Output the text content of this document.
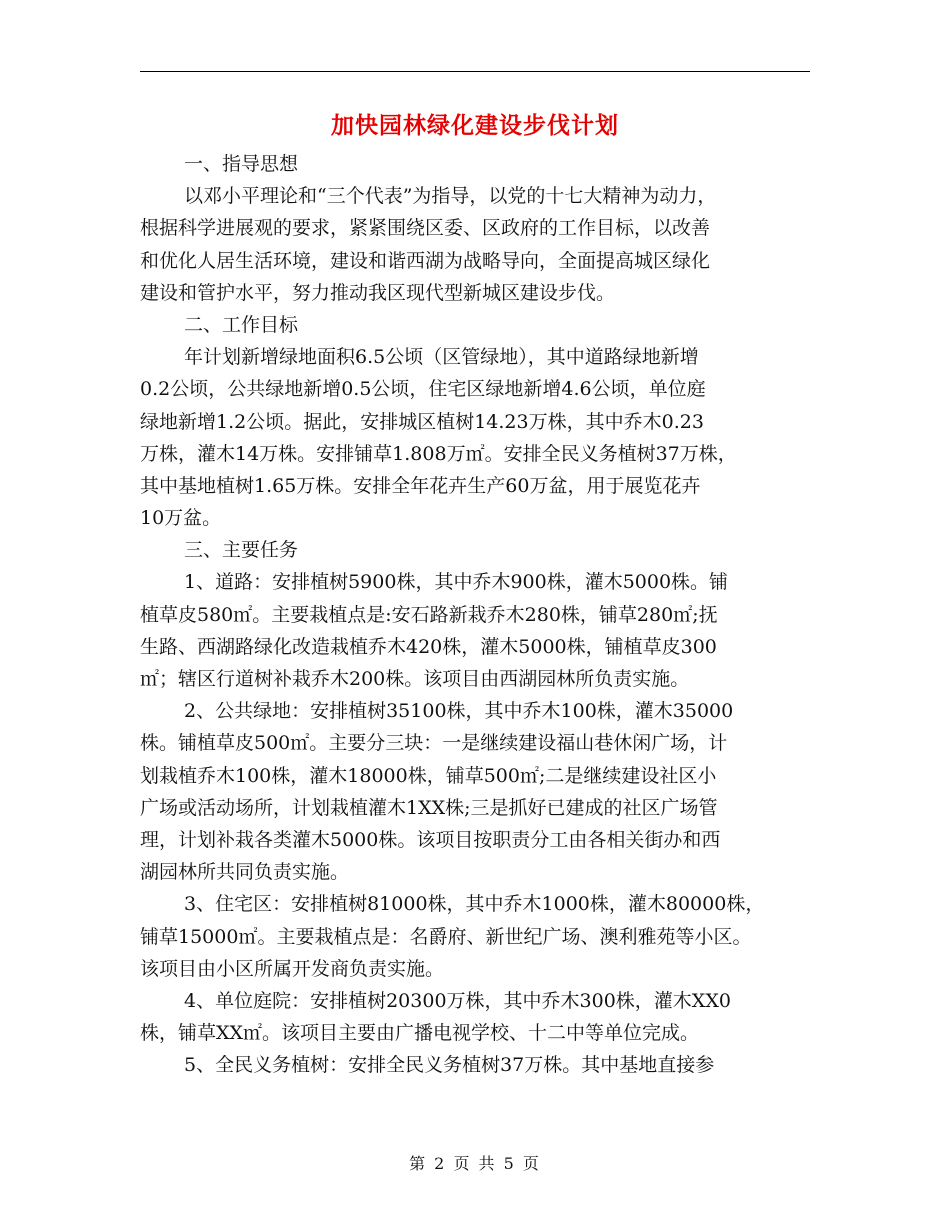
加快园林绿化建设步伐计划
一、指导思想
以邓小平理论和“三个代表”为指导，以党的十七大精神为动力，
根据科学进展观的要求，紧紧围绕区委、区政府的工作目标，以改善
和优化人居生活环境，建设和谐西湖为战略导向，全面提高城区绿化
建设和管护水平，努力推动我区现代型新城区建设步伐。
二、工作目标
年计划新增绿地面积6.5公顷（区管绿地），其中道路绿地新增
0.2公顷，公共绿地新增0.5公顷，住宅区绿地新增4.6公顷，单位庭
绿地新增1.2公顷。据此，安排城区植树14.23万株，其中乔木0.23
万株，灌木14万株。安排铺草1.808万㎡。安排全民义务植树37万株，
其中基地植树1.65万株。安排全年花卉生产60万盆，用于展览花卉
10万盆。
三、主要任务
1、道路：安排植树5900株，其中乔木900株，灌木5000株。铺
植草皮580㎡。主要栽植点是:安石路新栽乔木280株，铺草280㎡;抚
生路、西湖路绿化改造栽植乔木420株，灌木5000株，铺植草皮300
㎡；辖区行道树补栽乔木200株。该项目由西湖园林所负责实施。
2、公共绿地：安排植树35100株，其中乔木100株，灌木35000
株。铺植草皮500㎡。主要分三块：一是继续建设福山巷休闲广场，计
划栽植乔木100株，灌木18000株，铺草500㎡;二是继续建设社区小
广场或活动场所，计划栽植灌木1XX株;三是抓好已建成的社区广场管
理，计划补栽各类灌木5000株。该项目按职责分工由各相关街办和西
湖园林所共同负责实施。
3、住宅区：安排植树81000株，其中乔木1000株，灌木80000株，
铺草15000㎡。主要栽植点是：名爵府、新世纪广场、澳利雅苑等小区。
该项目由小区所属开发商负责实施。
4、单位庭院：安排植树20300万株，其中乔木300株，灌木XX0
株，铺草XX㎡。该项目主要由广播电视学校、十二中等单位完成。
5、全民义务植树：安排全民义务植树37万株。其中基地直接参
第 2 页 共 5 页
